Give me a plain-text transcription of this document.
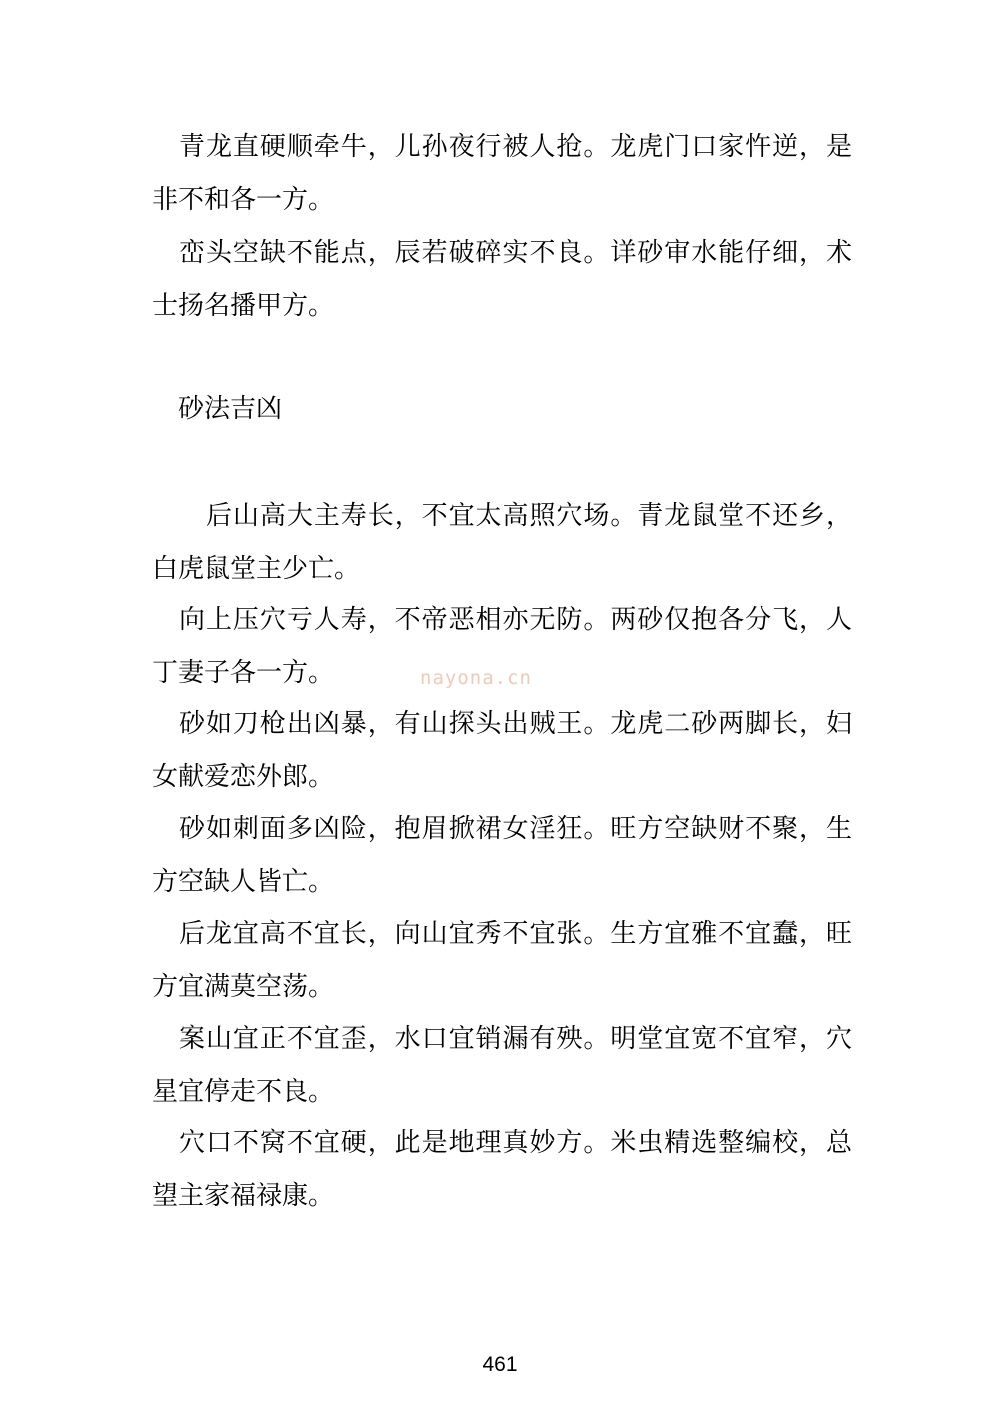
青龙直硬顺牵牛，儿孙夜行被人抢。龙虎门口家忤逆，是非不和各一方。

峦头空缺不能点，辰若破碎实不良。详砂审水能仔细，术士扬名播甲方。

砂法吉凶

后山高大主寿长，不宜太高照穴场。青龙鼠堂不还乡，白虎鼠堂主少亡。

向上压穴亏人寿，不帝恶相亦无防。两砂仅抱各分飞，人丁妻子各一方。

砂如刀枪出凶暴，有山探头出贼王。龙虎二砂两脚长，妇女献爱恋外郎。

砂如刺面多凶险，抱眉掀裙女淫狂。旺方空缺财不聚，生方空缺人皆亡。

后龙宜高不宜长，向山宜秀不宜张。生方宜雅不宜蠢，旺方宜满莫空荡。

案山宜正不宜歪，水口宜销漏有殃。明堂宜宽不宜窄，穴星宜停走不良。

穴口不窝不宜硬，此是地理真妙方。米虫精选整编校，总望主家福禄康。

nayona.cn
461
